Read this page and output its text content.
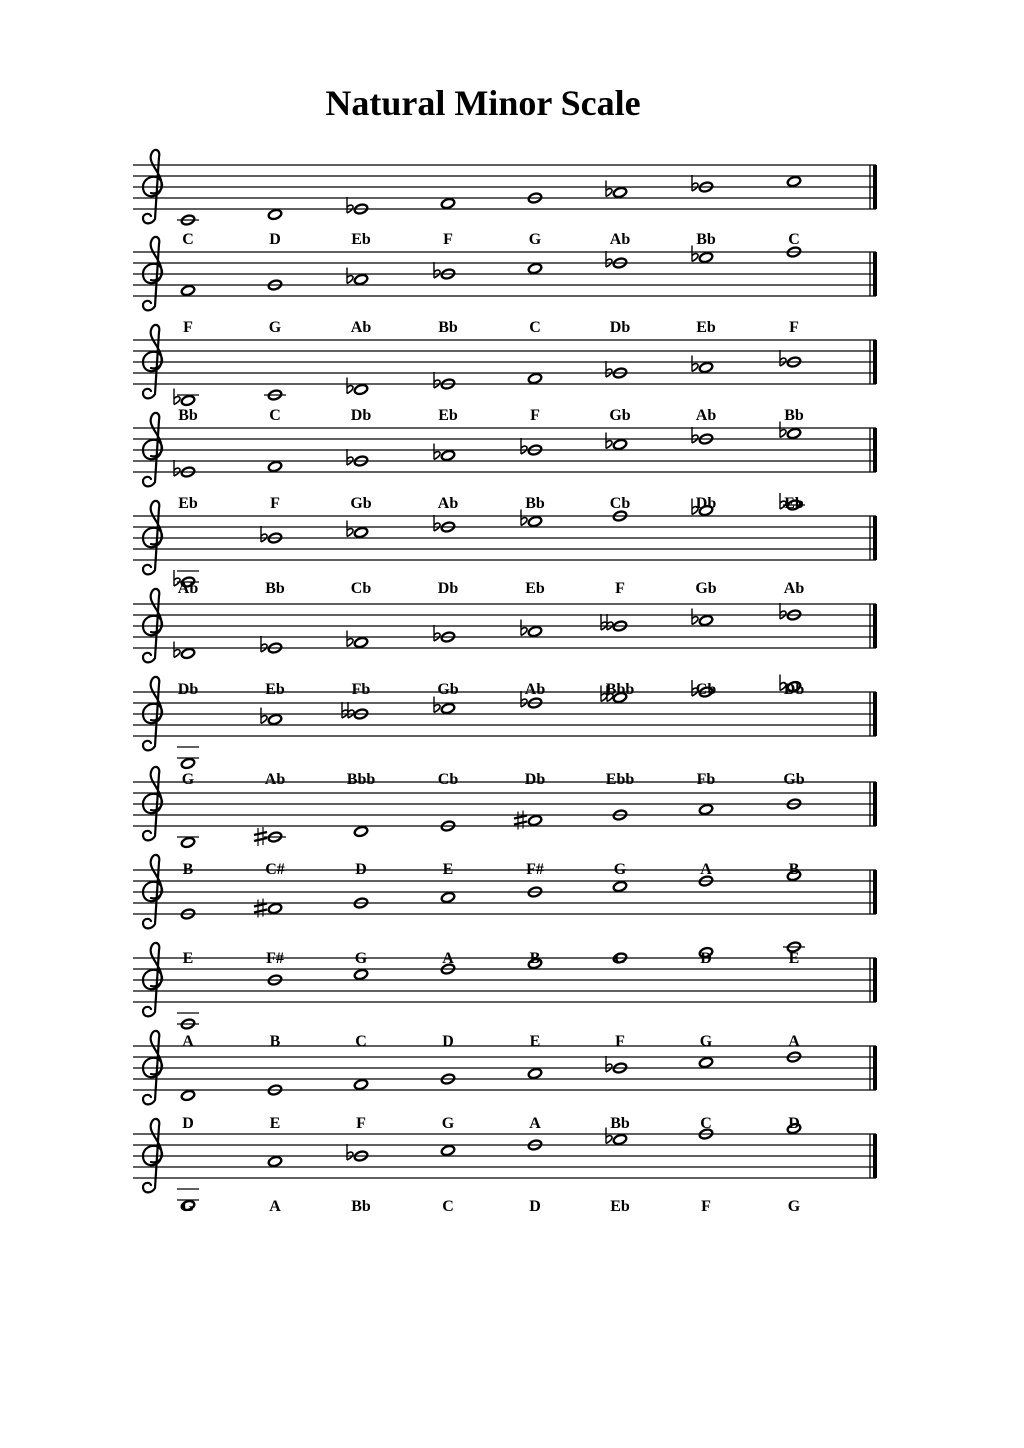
Natural Minor Scale
C	D	Eb	F	G	Ab	Bb	C
F	G	Ab	Bb	C	Db	Eb	F
Bb	C	Db	Eb	F	Gb	Ab	Bb
Eb	F	Gb	Ab	Bb	Cb	Db	Eb
Ab	Bb	Cb	Db	Eb	F	Gb	Ab
Db	Eb	Fb	Gb	Ab	Bbb	Cb	Db
G	Ab	Bbb	Cb	Db	Ebb	Fb	Gb
B	C#	D	E	F#	G	A	B
E	F#	G	A	B	C	D	E
A	B	C	D	E	F	G	A
D	E	F	G	A	Bb	C	D
G	A	Bb	C	D	Eb	F	G
